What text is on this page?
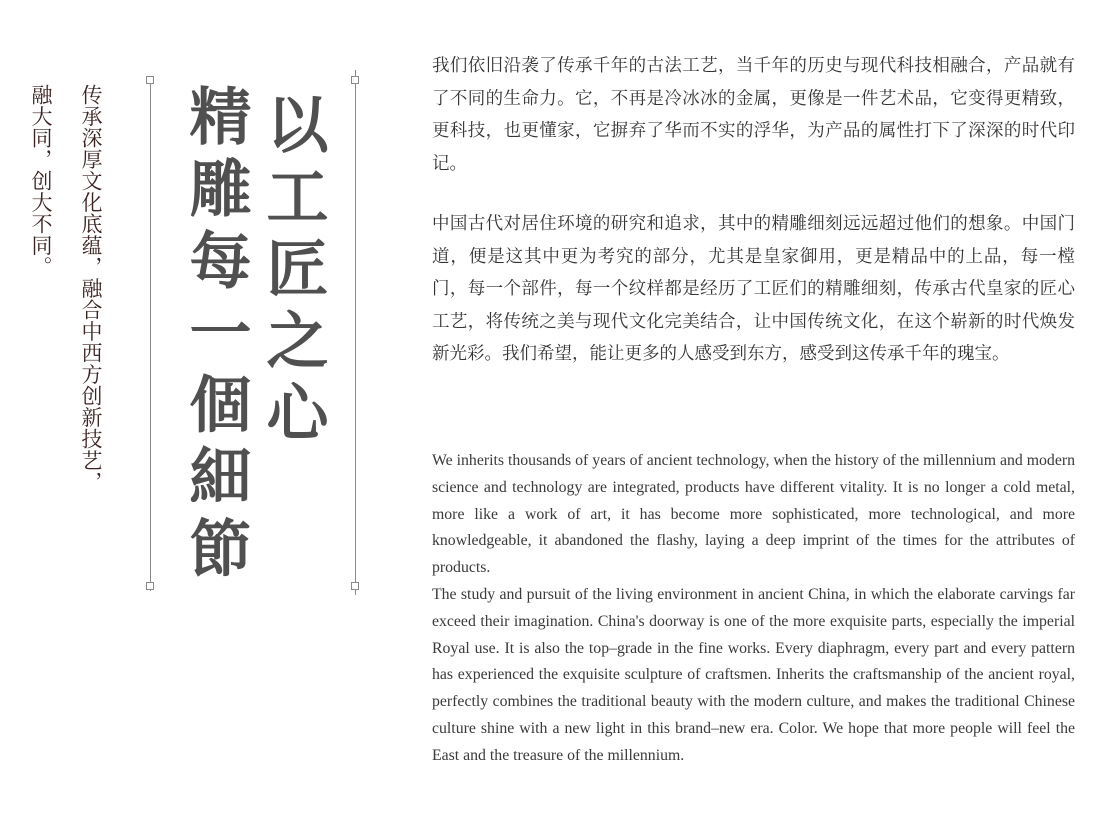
传承深厚文化底蕴，融合中西方创新技艺，
融大同，创大不同。 精雕每一個細節 以工匠之心

我们依旧沿袭了传承千年的古法工艺，当千年的历史与现代科技相融合，产品就有了不同的生命力。它，不再是冷冰冰的金属，更像是一件艺术品，它变得更精致，更科技，也更懂家，它摒弃了华而不实的浮华，为产品的属性打下了深深的时代印记。

中国古代对居住环境的研究和追求，其中的精雕细刻远远超过他们的想象。中国门道，便是这其中更为考究的部分，尤其是皇家御用，更是精品中的上品，每一樘门，每一个部件，每一个纹样都是经历了工匠们的精雕细刻，传承古代皇家的匠心工艺，将传统之美与现代文化完美结合，让中国传统文化，在这个崭新的时代焕发新光彩。我们希望，能让更多的人感受到东方，感受到这传承千年的瑰宝。

We inherits thousands of years of ancient technology, when the history of the millennium and modern science and technology are integrated, products have different vitality. It is no longer a cold metal, more like a work of art, it has become more sophisticated, more technological, and more knowledgeable, it abandoned the flashy, laying a deep imprint of the times for the attributes of products.

The study and pursuit of the living environment in ancient China, in which the elaborate carvings far exceed their imagination. China's doorway is one of the more exquisite parts, especially the imperial Royal use. It is also the top–grade in the fine works. Every diaphragm, every part and every pattern has experienced the exquisite sculpture of craftsmen. Inherits the craftsmanship of the ancient royal, perfectly combines the traditional beauty with the modern culture, and makes the traditional Chinese culture shine with a new light in this brand–new era. Color. We hope that more people will feel the East and the treasure of the millennium.
